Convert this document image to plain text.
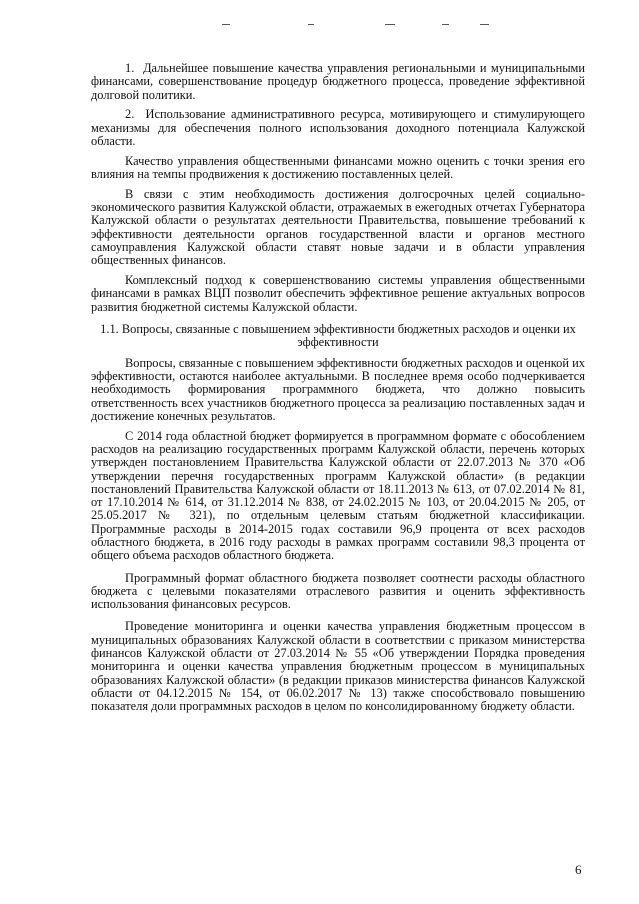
1.  Дальнейшее повышение качества управления региональными и муниципальными финансами, совершенствование процедур бюджетного процесса, проведение эффективной долговой политики.

2.  Использование административного ресурса, мотивирующего и стимулирующего механизмы для обеспечения полного использования доходного потенциала Калужской области.

Качество управления общественными финансами можно оценить с точки зрения его влияния на темпы продвижения к достижению поставленных целей.

В связи с этим необходимость достижения долгосрочных целей социально-экономического развития Калужской области, отражаемых в ежегодных отчетах Губернатора Калужской области о результатах деятельности Правительства, повышение требований к эффективности деятельности органов государственной власти и органов местного самоуправления Калужской области ставят новые задачи и в области управления общественных финансов.

Комплексный подход к совершенствованию системы управления общественными финансами в рамках ВЦП позволит обеспечить эффективное решение актуальных вопросов развития бюджетной системы Калужской области.

1.1. Вопросы, связанные с повышением эффективности бюджетных расходов и оценки их эффективности

Вопросы, связанные с повышением эффективности бюджетных расходов и оценкой их эффективности, остаются наиболее актуальными. В последнее время особо подчеркивается необходимость формирования программного бюджета, что должно повысить ответственность всех участников бюджетного процесса за реализацию поставленных задач и достижение конечных результатов.

С 2014 года областной бюджет формируется в программном формате с обособлением расходов на реализацию государственных программ Калужской области, перечень которых утвержден постановлением Правительства Калужской области от 22.07.2013 № 370 «Об утверждении перечня государственных программ Калужской области» (в редакции постановлений Правительства Калужской области от 18.11.2013 № 613, от 07.02.2014 № 81, от 17.10.2014 № 614, от 31.12.2014 № 838, от 24.02.2015 № 103, от 20.04.2015 № 205, от 25.05.2017 № 321), по отдельным целевым статьям бюджетной классификации. Программные расходы в 2014-2015 годах составили 96,9 процента от всех расходов областного бюджета, в 2016 году расходы в рамках программ составили 98,3 процента от общего объема расходов областного бюджета.

Программный формат областного бюджета позволяет соотнести расходы областного бюджета с целевыми показателями отраслевого развития и оценить эффективность использования финансовых ресурсов.

Проведение мониторинга и оценки качества управления бюджетным процессом в муниципальных образованиях Калужской области в соответствии с приказом министерства финансов Калужской области от 27.03.2014 № 55 «Об утверждении Порядка проведения мониторинга и оценки качества управления бюджетным процессом в муниципальных образованиях Калужской области» (в редакции приказов министерства финансов Калужской области от 04.12.2015 № 154, от 06.02.2017 № 13) также способствовало повышению показателя доли программных расходов в целом по консолидированному бюджету области.

6
